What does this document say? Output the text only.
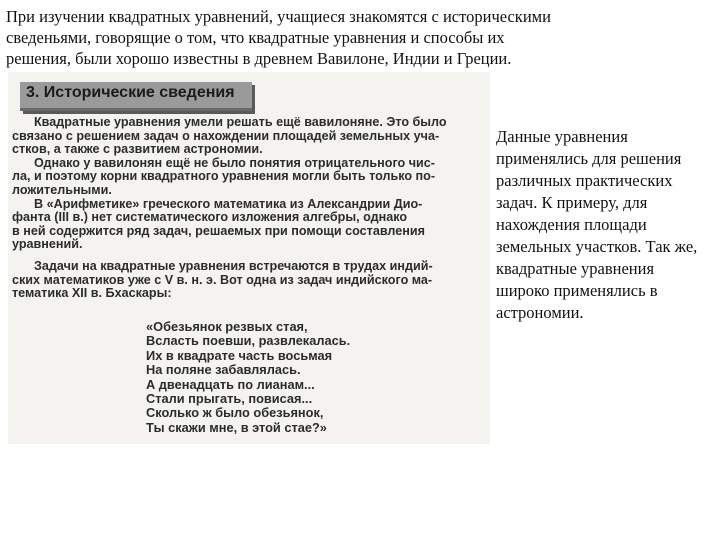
При изучении квадратных уравнений, учащиеся знакомятся с историческими
сведеньями, говорящие о том, что квадратные уравнения и способы их
решения, были хорошо известны в древнем Вавилоне, Индии и Греции.
3. Исторические сведения
Квадратные уравнения умели решать ещё вавилоняне. Это было
связано с решением задач о нахождении площадей земельных уча-
стков, а также с развитием астрономии.
Однако у вавилонян ещё не было понятия отрицательного чис-
ла, и поэтому корни квадратного уравнения могли быть только по-
ложительными.
В «Арифметике» греческого математика из Александрии Дио-
фанта (III в.) нет систематического изложения алгебры, однако
в ней содержится ряд задач, решаемых при помощи составления
уравнений.
Задачи на квадратные уравнения встречаются в трудах индий-
ских математиков уже с V в. н. э. Вот одна из задач индийского ма-
тематика XII в. Бхаскары:
«Обезьянок резвых стая,
Всласть поевши, развлекалась.
Их в квадрате часть восьмая
На поляне забавлялась.
А двенадцать по лианам...
Стали прыгать, повисая...
Сколько ж было обезьянок,
Ты скажи мне, в этой стае?»
Данные уравнения
применялись для решения
различных практических
задач. К примеру, для
нахождения площади
земельных участков. Так же,
квадратные уравнения
широко применялись в
астрономии.
